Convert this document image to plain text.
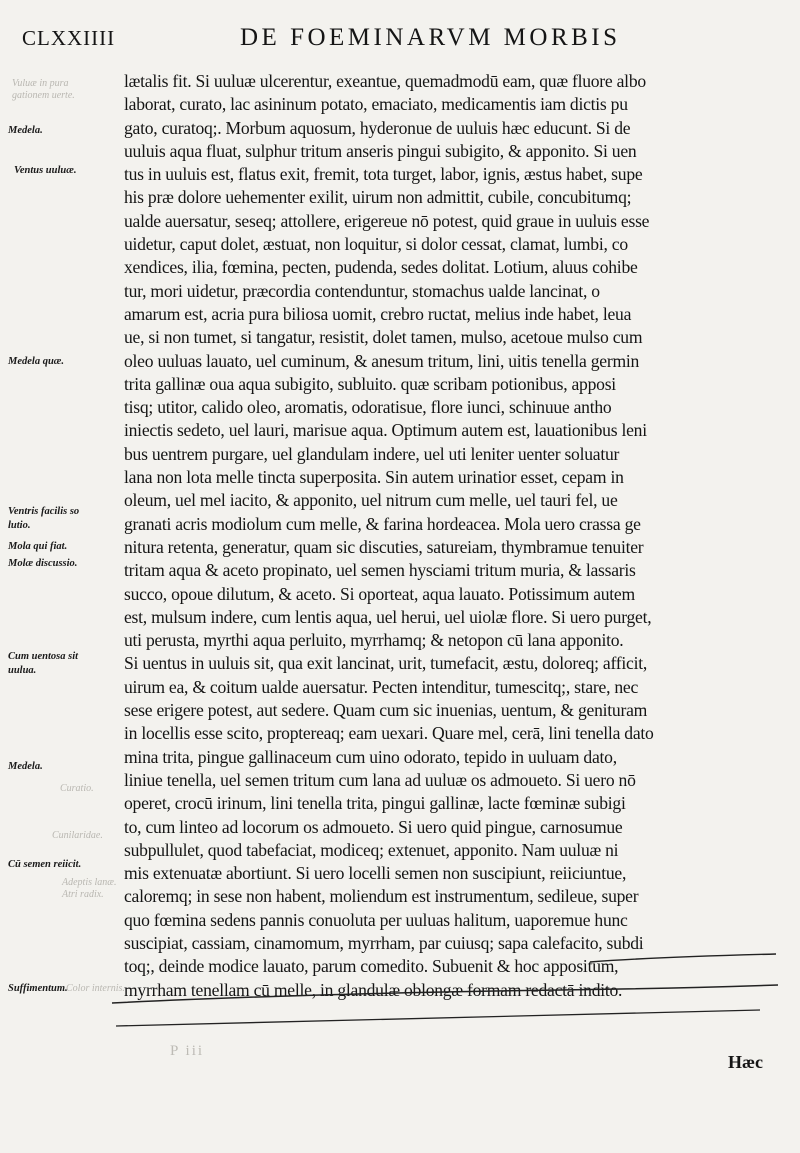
CLXXIIII	DE FOEMINARVM MORBIS
Vuluæ in pura
gationem uerte.
Curatio.
Cunilaridae.
Adeptis lanæ.
Atri radix.
Color internis.
Medela.
Ventus uuluæ.
Medela quæ.
Ventris facilis so
lutio.
Mola qui fiat.
Molæ discussio.
Cum uentosa sit
uulua.
Medela.
Cū semen reiicit.
Suffimentum.
lætalis fit. Si uuluæ ulcerentur, exeantue, quemadmodū eam, quæ fluore albo
laborat, curato, lac asininum potato, emaciato, medicamentis iam dictis pu
gato, curatoq;. Morbum aquosum, hyderonue de uuluis hæc educunt. Si de
uuluis aqua fluat, sulphur tritum anseris pingui subigito, & apponito. Si uen
tus in uuluis est, flatus exit, fremit, tota turget, labor, ignis, æstus habet, supe
his præ dolore uehementer exilit, uirum non admittit, cubile, concubitumq;
ualde auersatur, seseq; attollere, erigereue nō potest, quid graue in uuluis esse
uidetur, caput dolet, æstuat, non loquitur, si dolor cessat, clamat, lumbi, co
xendices, ilia, fœmina, pecten, pudenda, sedes dolitat. Lotium, aluus cohibe
tur, mori uidetur, præcordia contenduntur, stomachus ualde lancinat, o
amarum est, acria pura biliosa uomit, crebro ructat, melius inde habet, leua
ue, si non tumet, si tangatur, resistit, dolet tamen, mulso, acetoue mulso cum
oleo uuluas lauato, uel cuminum, & anesum tritum, lini, uitis tenella germin
trita gallinæ oua aqua subigito, subluito. quæ scribam potionibus, apposi
tisq; utitor, calido oleo, aromatis, odoratisue, flore iunci, schinuue antho
iniectis sedeto, uel lauri, marisue aqua. Optimum autem est, lauationibus leni
bus uentrem purgare, uel glandulam indere, uel uti leniter uenter soluatur
lana non lota melle tincta superposita. Sin autem urinatior esset, cepam in
oleum, uel mel iacito, & apponito, uel nitrum cum melle, uel tauri fel, ue
granati acris modiolum cum melle, & farina hordeacea. Mola uero crassa ge
nitura retenta, generatur, quam sic discuties, satureiam, thymbramue tenuiter
tritam aqua & aceto propinato, uel semen hysciami tritum muria, & lassaris
succo, opoue dilutum, & aceto. Si oporteat, aqua lauato. Potissimum autem
est, mulsum indere, cum lentis aqua, uel herui, uel uiolæ flore. Si uero purget,
uti perusta, myrthi aqua perluito, myrrhamq; & netopon cū lana apponito.
Si uentus in uuluis sit, qua exit lancinat, urit, tumefacit, æstu, doloreq; afficit,
uirum ea, & coitum ualde auersatur. Pecten intenditur, tumescitq;, stare, nec
sese erigere potest, aut sedere. Quam cum sic inuenias, uentum, & genituram
in locellis esse scito, proptereaq; eam uexari. Quare mel, cerā, lini tenella dato
mina trita, pingue gallinaceum cum uino odorato, tepido in uuluam dato,
liniue tenella, uel semen tritum cum lana ad uuluæ os admoueto. Si uero nō
operet, crocū irinum, lini tenella trita, pingui gallinæ, lacte fœminæ subigi
to, cum linteo ad locorum os admoueto. Si uero quid pingue, carnosumue
subpullulet, quod tabefaciat, modiceq; extenuet, apponito. Nam uuluæ ni
mis extenuatæ abortiunt. Si uero locelli semen non suscipiunt, reiiciuntue,
caloremq; in sese non habent, moliendum est instrumentum, sedileue, super
quo fœmina sedens pannis conuoluta per uuluas halitum, uaporemue hunc
suscipiat, cassiam, cinamomum, myrrham, par cuiusq; sapa calefacito, subdi
toq;, deinde modice lauato, parum comedito. Subuenit & hoc appositum,
myrrham tenellam cū melle, in glandulæ oblongæ formam redactā indito.
P iii
Hæc
